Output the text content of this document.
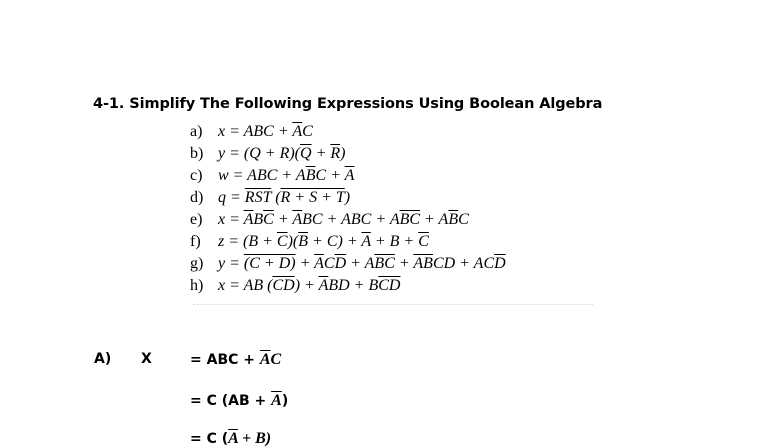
4-1. Simplify The Following Expressions Using Boolean Algebra
a) x = ABC + $\overline{A}C$
b) $y = (Q + R)(\overline{Q} + \overline{R})$
c) w = ABC + $A\overline{B}C + \overline{A}$
d) $q = \overline{RST}$ (R + S + T)
e) $x = \overline{A}B\overline{C} + \overline{A}BC$ + ABC + $A\overline{B}\overline{C} + A\overline{B}C$
f) $z = (B + \overline{C})(\overline{B} + C) + \overline{A} + B + \overline{C}$
g) $y = (C + D) + \overline{A}C\overline{D} + A\overline{B}\overline{C} + \overline{A}\overline{B}CD + AC\overline{D}$
h) x = AB $(\overline{CD}) + \overline{A}BD + B\overline{CD}$
A) X	= ABC + $\overline{A}C$
= C $(AB + \overline{A})$
= C $(\overline{A} + B)$
